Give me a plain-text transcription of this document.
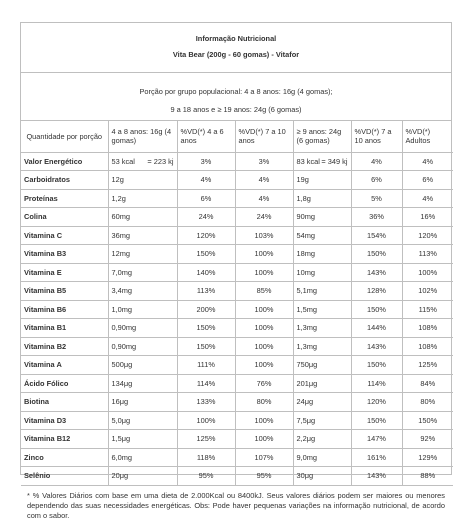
Informação Nutricional
Vita Bear (200g - 60 gomas) - Vitafor
Porção por grupo populacional: 4 a 8 anos: 16g (4 gomas);
9 a 18 anos e ≥ 19 anos: 24g (6 gomas)
Quantidade por porção	4 a 8 anos: 16g (4 gomas)	%VD(*) 4 a 6 anos	%VD(*) 7 a 10 anos	≥ 9 anos: 24g (6 gomas)	%VD(*) 7 a 10 anos	%VD(*) Adultos
Valor Energético	53 kcal = 223 kj	3%	3%	83 kcal = 349 kj	4%	4%
Carboidratos	12g	4%	4%	19g	6%	6%
Proteínas	1,2g	6%	4%	1,8g	5%	4%
Colina	60mg	24%	24%	90mg	36%	16%
Vitamina C	36mg	120%	103%	54mg	154%	120%
Vitamina B3	12mg	150%	100%	18mg	150%	113%
Vitamina E	7,0mg	140%	100%	10mg	143%	100%
Vitamina B5	3,4mg	113%	85%	5,1mg	128%	102%
Vitamina B6	1,0mg	200%	100%	1,5mg	150%	115%
Vitamina B1	0,90mg	150%	100%	1,3mg	144%	108%
Vitamina B2	0,90mg	150%	100%	1,3mg	143%	108%
Vitamina A	500μg	111%	100%	750μg	150%	125%
Ácido Fólico	134μg	114%	76%	201μg	114%	84%
Biotina	16μg	133%	80%	24μg	120%	80%
Vitamina D3	5,0μg	100%	100%	7,5μg	150%	150%
Vitamina B12	1,5μg	125%	100%	2,2μg	147%	92%
Zinco	6,0mg	118%	107%	9,0mg	161%	129%
Selênio	20μg	95%	95%	30μg	143%	88%
* % Valores Diários com base em uma dieta de 2.000Kcal ou 8400kJ. Seus valores diários podem ser maiores ou menores dependendo das suas necessidades energéticas. Obs: Pode haver pequenas variações na informação nutricional, de acordo com o sabor.
